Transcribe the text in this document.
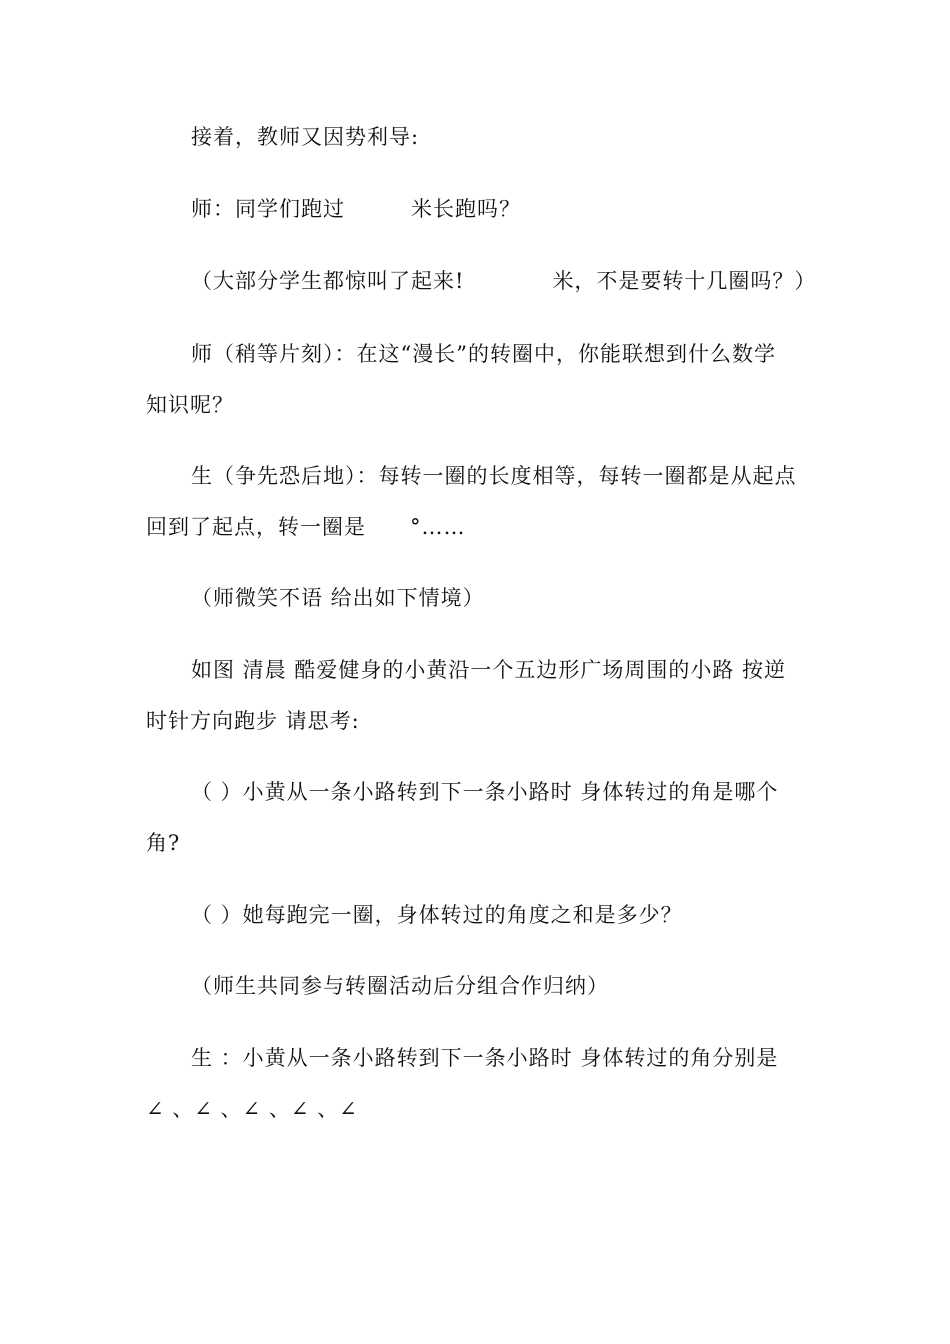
接着，教师又因势利导:
师：同学们跑过　　　米长跑吗？
（大部分学生都惊叫了起来!　　　　米，不是要转十几圈吗？）
师（稍等片刻）：在这“漫长”的转圈中，你能联想到什么数学
知识呢？
生（争先恐后地）：每转一圈的长度相等，每转一圈都是从起点
回到了起点，转一圈是　　°……
（师微笑不语 给出如下情境）
如图 清晨 酷爱健身的小黄沿一个五边形广场周围的小路 按逆
时针方向跑步 请思考:
（ ）小黄从一条小路转到下一条小路时 身体转过的角是哪个
角?
（ ）她每跑完一圈，身体转过的角度之和是多少？
（师生共同参与转圈活动后分组合作归纳）
生 ：小黄从一条小路转到下一条小路时 身体转过的角分别是
∠ 、∠ 、∠ 、∠ 、∠
